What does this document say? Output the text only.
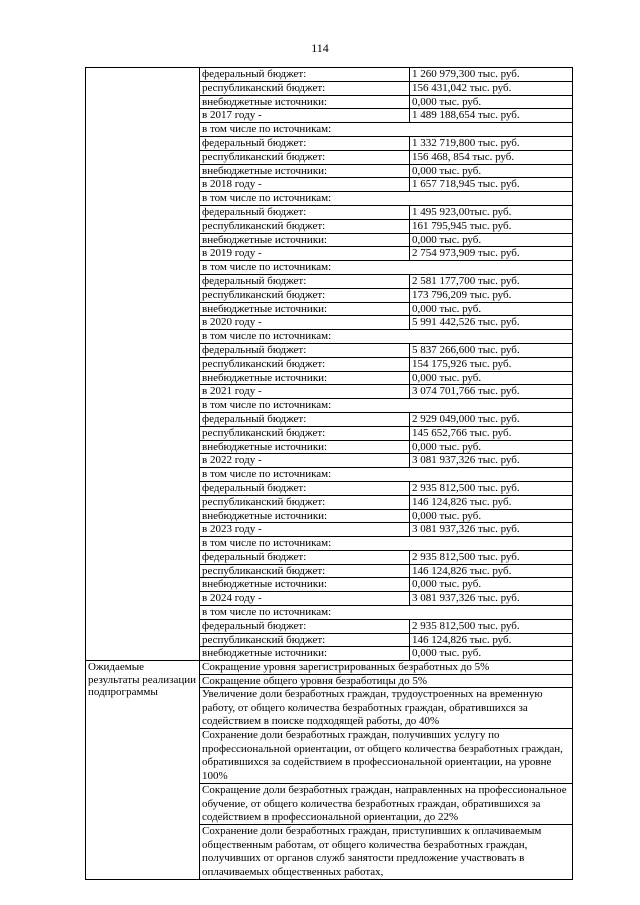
114
	федеральный бюджет:	1 260 979,300 тыс. руб.
	республиканский бюджет:	156 431,042 тыс. руб.
	внебюджетные источники:	0,000 тыс. руб.
	в 2017 году -	1 489 188,654 тыс. руб.
	в том числе по источникам:	
	федеральный бюджет:	1 332 719,800 тыс. руб.
	республиканский бюджет:	156 468, 854 тыс. руб.
	внебюджетные источники:	0,000 тыс. руб.
	в 2018 году -	1 657 718,945 тыс. руб.
	в том числе по источникам:	
	федеральный бюджет:	1 495 923,00тыс. руб.
	республиканский бюджет:	161 795,945 тыс. руб.
	внебюджетные источники:	0,000 тыс. руб.
	в 2019 году -	2 754 973,909 тыс. руб.
	в том числе по источникам:	
	федеральный бюджет:	2 581 177,700 тыс. руб.
	республиканский бюджет:	173 796,209 тыс. руб.
	внебюджетные источники:	0,000 тыс. руб.
	в 2020 году -	5 991 442,526 тыс. руб.
	в том числе по источникам:	
	федеральный бюджет:	5 837 266,600 тыс. руб.
	республиканский бюджет:	154 175,926 тыс. руб.
	внебюджетные источники:	0,000 тыс. руб.
	в 2021 году -	3 074 701,766 тыс. руб.
	в том числе по источникам:	
	федеральный бюджет:	2 929 049,000 тыс. руб.
	республиканский бюджет:	145 652,766 тыс. руб.
	внебюджетные источники:	0,000 тыс. руб.
	в 2022 году -	3 081 937,326 тыс. руб.
	в том числе по источникам:	
	федеральный бюджет:	2 935 812,500 тыс. руб.
	республиканский бюджет:	146 124,826 тыс. руб.
	внебюджетные источники:	0,000 тыс. руб.
	в 2023 году -	3 081 937,326 тыс. руб.
	в том числе по источникам:	
	федеральный бюджет:	2 935 812,500 тыс. руб.
	республиканский бюджет:	146 124,826 тыс. руб.
	внебюджетные источники:	0,000 тыс. руб.
	в 2024 году -	3 081 937,326 тыс. руб.
	в том числе по источникам:	
	федеральный бюджет:	2 935 812,500 тыс. руб.
	республиканский бюджет:	146 124,826 тыс. руб.
	внебюджетные источники:	0,000 тыс. руб.
Ожидаемые результаты реализации подпрограммы	Сокращение уровня зарегистрированных безработных до 5%	
	Сокращение общего уровня безработицы до 5%	
	Увеличение доли безработных граждан, трудоустроенных на временную работу, от общего количества безработных граждан, обратившихся за содействием в поиске подходящей работы, до 40%	
	Сохранение доли безработных граждан, получивших услугу по профессиональной ориентации, от общего количества безработных граждан, обратившихся за содействием в профессиональной ориентации, на уровне 100%	
	Сокращение доли безработных граждан, направленных на профессиональное обучение, от общего количества безработных граждан, обратившихся за содействием в профессиональной ориентации, до 22%	
	Сохранение доли безработных граждан, приступивших к оплачиваемым общественным работам, от общего количества безработных граждан, получивших от органов служб занятости предложение участвовать в оплачиваемых общественных работах,	
